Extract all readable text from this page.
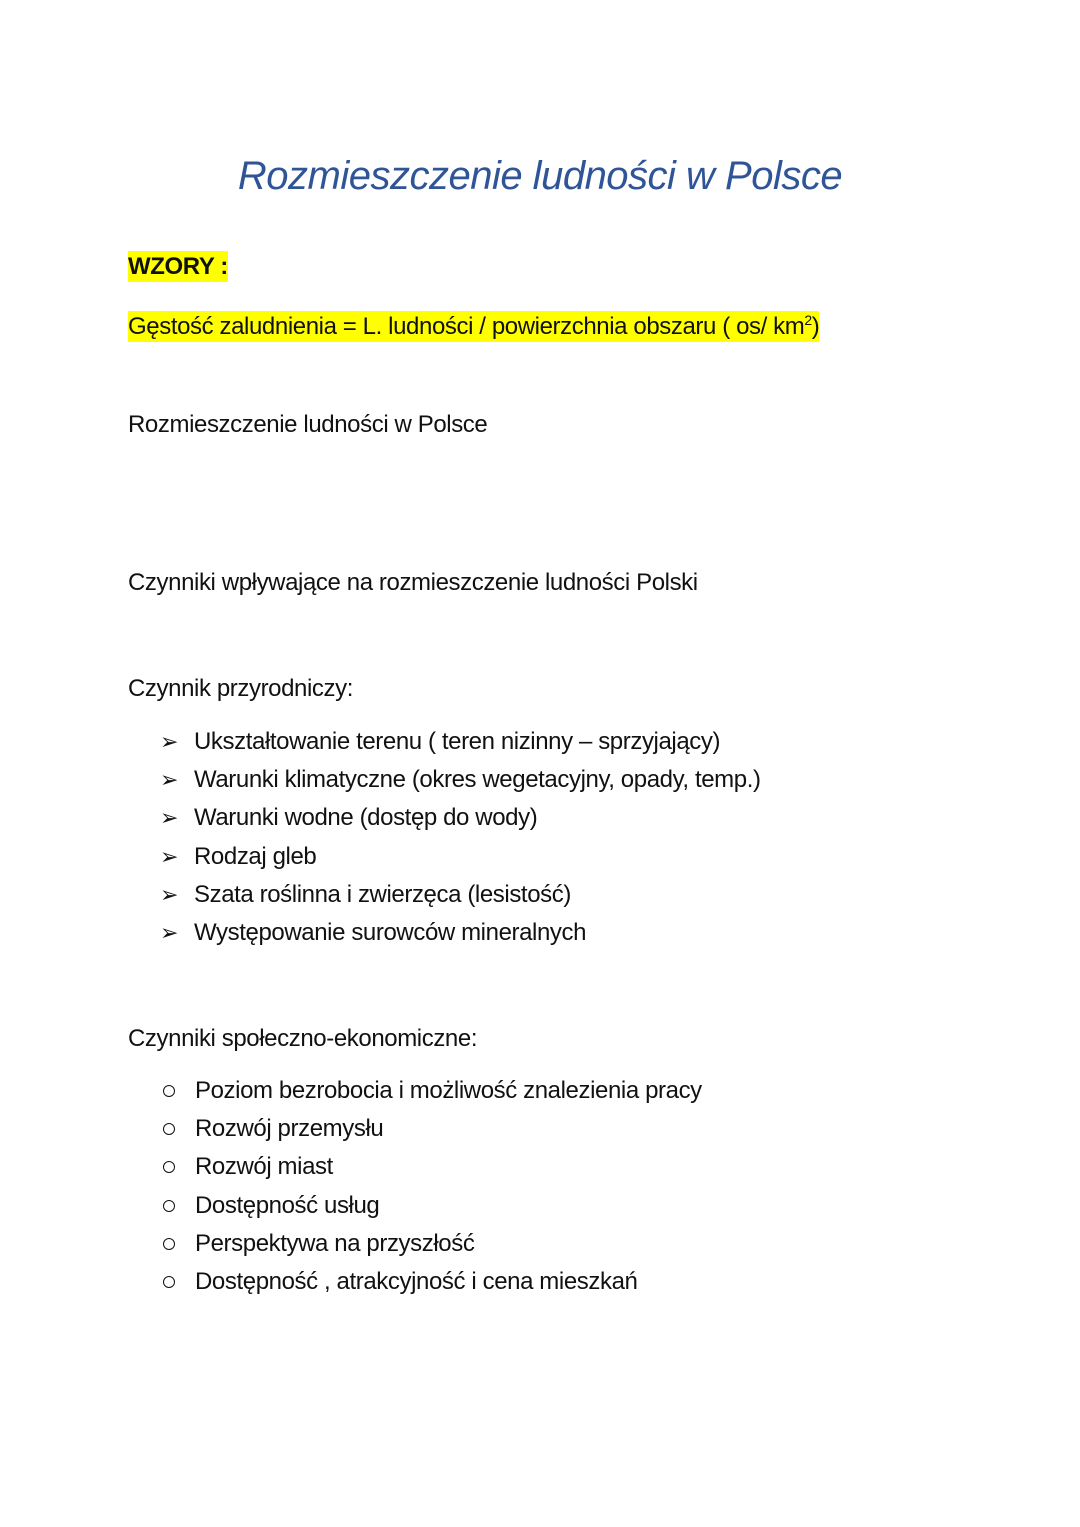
Rozmieszczenie ludności w Polsce
WZORY :
Gęstość zaludnienia = L. ludności / powierzchnia obszaru ( os/ $km^2$)
Rozmieszczenie ludności w Polsce
Czynniki wpływające na rozmieszczenie ludności Polski
Czynnik przyrodniczy:
➢ Ukształtowanie terenu ( teren nizinny – sprzyjający)
➢ Warunki klimatyczne (okres wegetacyjny, opady, temp.)
➢ Warunki wodne (dostęp do wody)
➢ Rodzaj gleb
➢ Szata roślinna i zwierzęca (lesistość)
➢ Występowanie surowców mineralnych
Czynniki społeczno-ekonomiczne:
Poziom bezrobocia i możliwość znalezienia pracy
Rozwój przemysłu
Rozwój miast
Dostępność usług
Perspektywa na przyszłość
Dostępność , atrakcyjność i cena mieszkań
